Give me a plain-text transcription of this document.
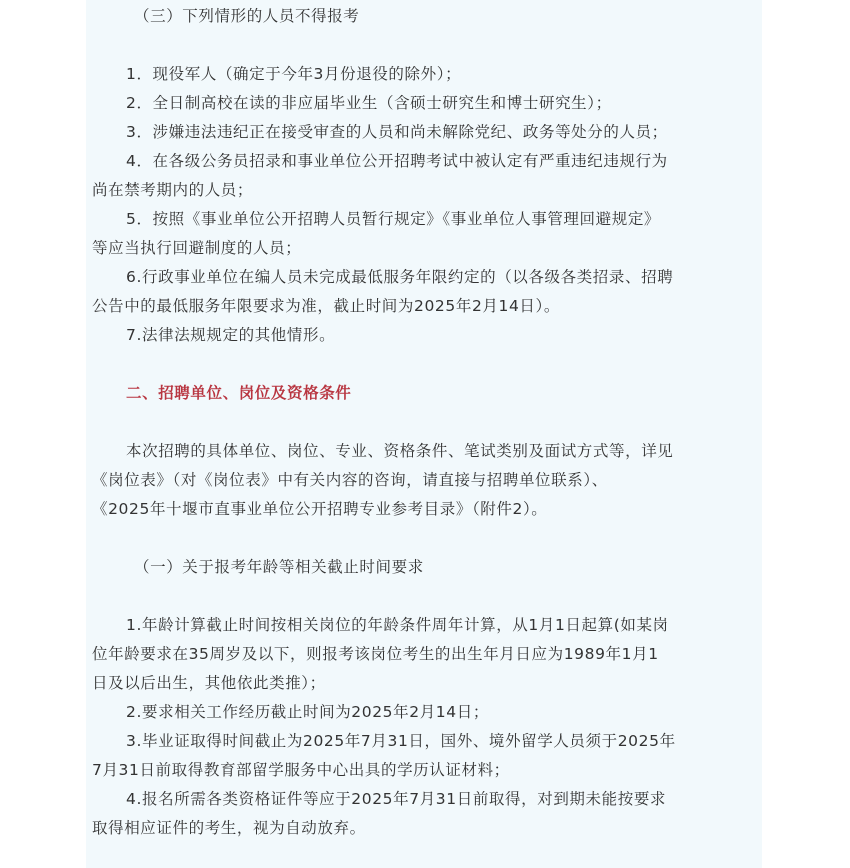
（三）下列情形的人员不得报考
1．现役军人（确定于今年3月份退役的除外）；
2．全日制高校在读的非应届毕业生（含硕士研究生和博士研究生）；
3．涉嫌违法违纪正在接受审查的人员和尚未解除党纪、政务等处分的人员；
4．在各级公务员招录和事业单位公开招聘考试中被认定有严重违纪违规行为
尚在禁考期内的人员；
5．按照《事业单位公开招聘人员暂行规定》《事业单位人事管理回避规定》
等应当执行回避制度的人员；
6.行政事业单位在编人员未完成最低服务年限约定的（以各级各类招录、招聘
公告中的最低服务年限要求为准，截止时间为2025年2月14日）。
7.法律法规规定的其他情形。
二、招聘单位、岗位及资格条件
本次招聘的具体单位、岗位、专业、资格条件、笔试类别及面试方式等，详见
《岗位表》（对《岗位表》中有关内容的咨询，请直接与招聘单位联系）、
《2025年十堰市直事业单位公开招聘专业参考目录》（附件2）。
（一）关于报考年龄等相关截止时间要求
1.年龄计算截止时间按相关岗位的年龄条件周年计算，从1月1日起算(如某岗
位年龄要求在35周岁及以下，则报考该岗位考生的出生年月日应为1989年1月1
日及以后出生，其他依此类推）；
2.要求相关工作经历截止时间为2025年2月14日；
3.毕业证取得时间截止为2025年7月31日，国外、境外留学人员须于2025年
7月31日前取得教育部留学服务中心出具的学历认证材料；
4.报名所需各类资格证件等应于2025年7月31日前取得，对到期未能按要求
取得相应证件的考生，视为自动放弃。
